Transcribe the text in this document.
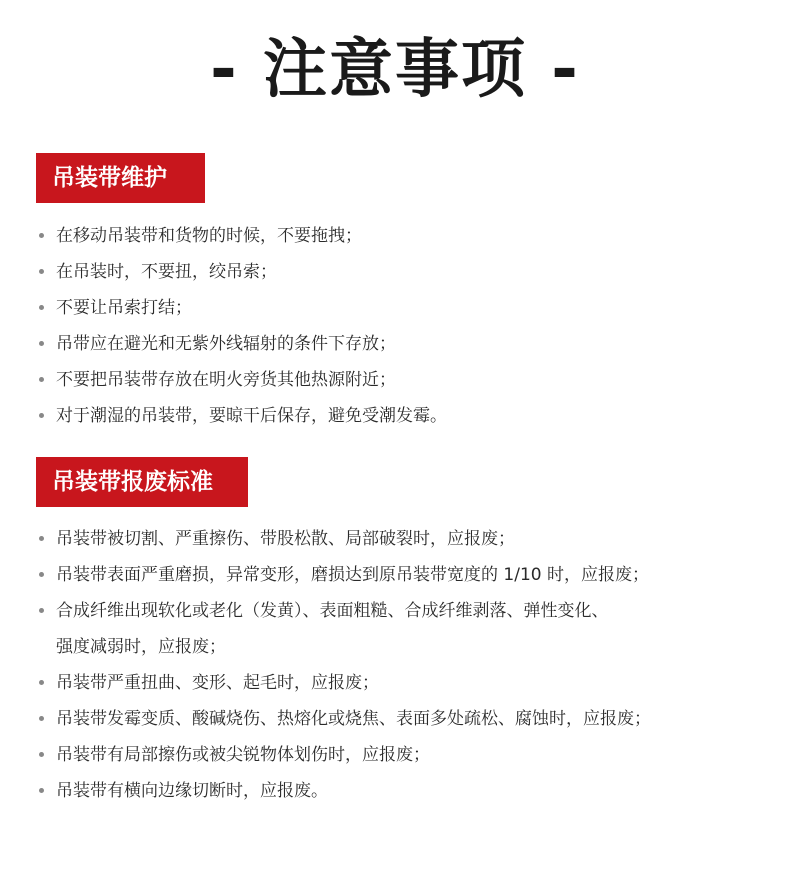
- 注意事项 -
吊装带维护
在移动吊装带和货物的时候，不要拖拽；
在吊装时，不要扭，绞吊索；
不要让吊索打结；
吊带应在避光和无紫外线辐射的条件下存放；
不要把吊装带存放在明火旁货其他热源附近；
对于潮湿的吊装带，要晾干后保存，避免受潮发霉。
吊装带报废标准
吊装带被切割、严重擦伤、带股松散、局部破裂时，应报废；
吊装带表面严重磨损，异常变形，磨损达到原吊装带宽度的 1/10 时，应报废；
合成纤维出现软化或老化（发黄）、表面粗糙、合成纤维剥落、弹性变化、
强度减弱时，应报废；
吊装带严重扭曲、变形、起毛时，应报废；
吊装带发霉变质、酸碱烧伤、热熔化或烧焦、表面多处疏松、腐蚀时，应报废；
吊装带有局部擦伤或被尖锐物体划伤时，应报废；
吊装带有横向边缘切断时，应报废。
